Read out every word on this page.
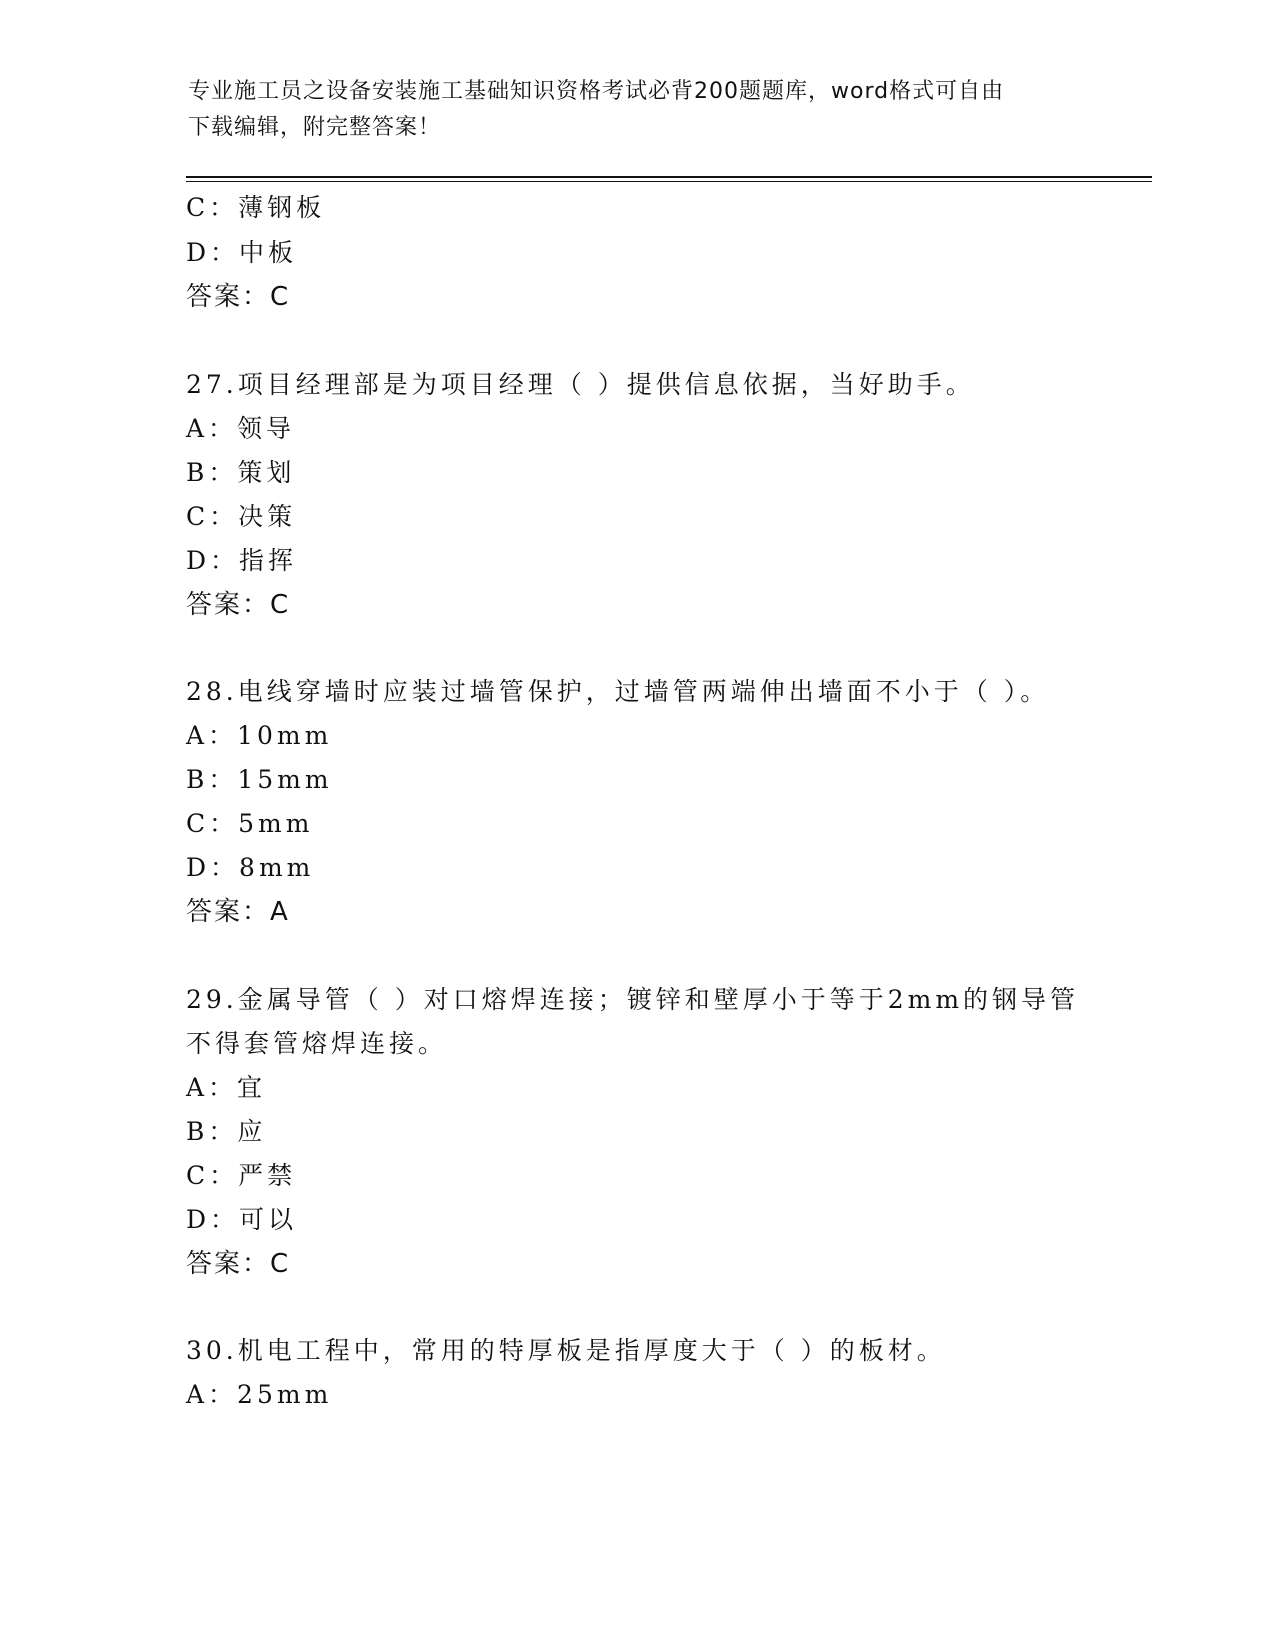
专业施工员之设备安装施工基础知识资格考试必背200题题库，word格式可自由
下载编辑，附完整答案！
C：薄钢板
D：中板
答案：C
27.项目经理部是为项目经理（ ）提供信息依据，当好助手。
A：领导
B：策划
C：决策
D：指挥
答案：C
28.电线穿墙时应装过墙管保护，过墙管两端伸出墙面不小于（ ）。
A：10mm
B：15mm
C：5mm
D：8mm
答案：A
29.金属导管（ ）对口熔焊连接；镀锌和壁厚小于等于2mm的钢导管
不得套管熔焊连接。
A：宜
B：应
C：严禁
D：可以
答案：C
30.机电工程中，常用的特厚板是指厚度大于（ ）的板材。
A：25mm
